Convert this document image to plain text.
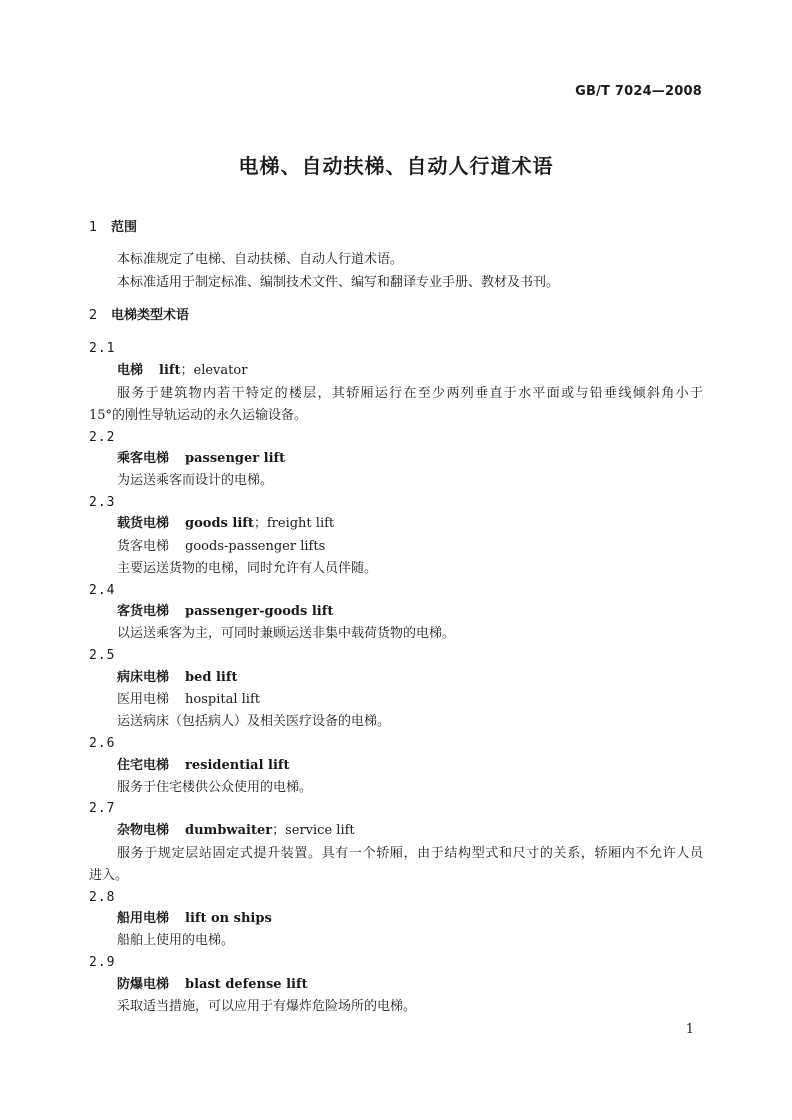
GB/T 7024—2008
电梯、自动扶梯、自动人行道术语
1 范围
本标准规定了电梯、自动扶梯、自动人行道术语。
本标准适用于制定标准、编制技术文件、编写和翻译专业手册、教材及书刊。
2 电梯类型术语
2.1
电梯 lift；elevator
服务于建筑物内若干特定的楼层，其轿厢运行在至少两列垂直于水平面或与铅垂线倾斜角小于
15°的刚性导轨运动的永久运输设备。
2.2
乘客电梯 passenger lift
为运送乘客而设计的电梯。
2.3
载货电梯 goods lift；freight lift
货客电梯 goods-passenger lifts
主要运送货物的电梯，同时允许有人员伴随。
2.4
客货电梯 passenger-goods lift
以运送乘客为主，可同时兼顾运送非集中载荷货物的电梯。
2.5
病床电梯 bed lift
医用电梯 hospital lift
运送病床（包括病人）及相关医疗设备的电梯。
2.6
住宅电梯 residential lift
服务于住宅楼供公众使用的电梯。
2.7
杂物电梯 dumbwaiter；service lift
服务于规定层站固定式提升装置。具有一个轿厢，由于结构型式和尺寸的关系，轿厢内不允许人员
进入。
2.8
船用电梯 lift on ships
船舶上使用的电梯。
2.9
防爆电梯 blast defense lift
采取适当措施，可以应用于有爆炸危险场所的电梯。
1
